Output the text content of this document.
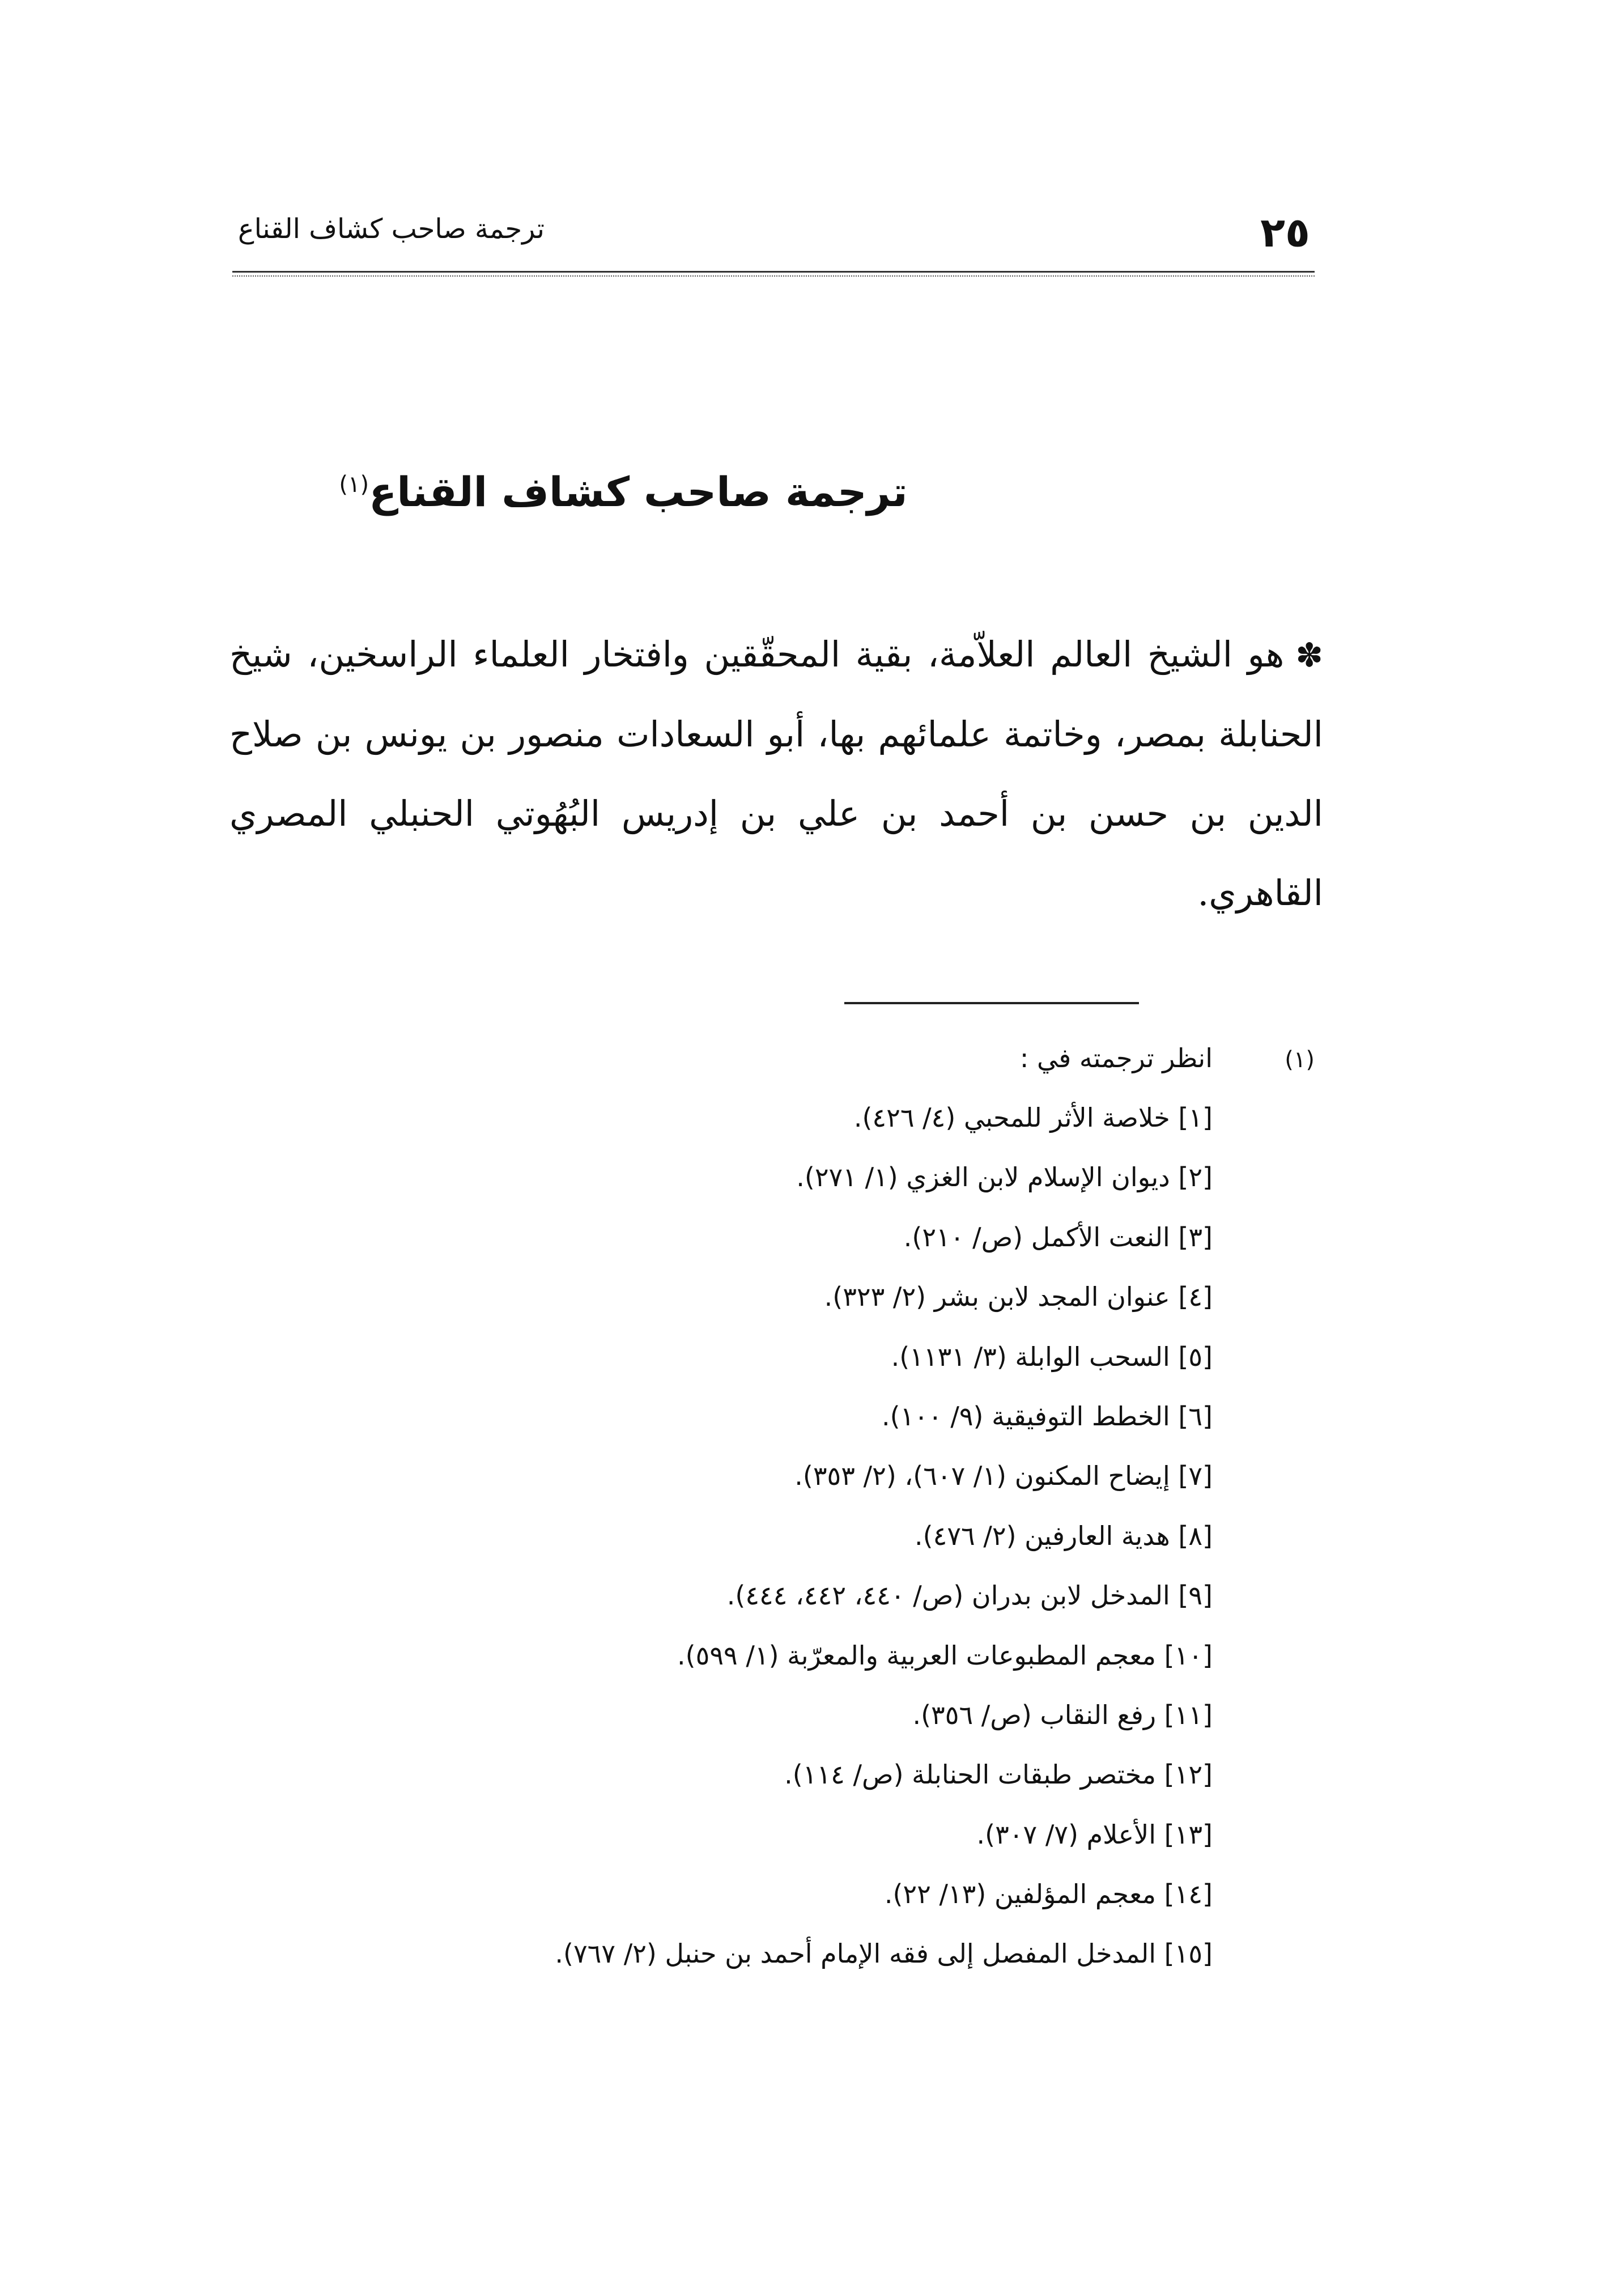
ترجمة صاحب كشاف القناع	٢٥
ترجمة صاحب كشاف القناع$^{(١)}$
✽هو الشيخ العالم العلاّمة، بقية المحقّقين وافتخار العلماء الراسخين، شيخ الحنابلة بمصر، وخاتمة علمائهم بها، أبو السعادات منصور بن يونس بن صلاح الدين بن حسن بن أحمد بن علي بن إدريس البُهُوتي الحنبلي المصري القاهري.
(١)انظر ترجمته في :
[١] خلاصة الأثر للمحبي (٤/ ٤٢٦).
[٢] ديوان الإسلام لابن الغزي (١/ ٢٧١).
[٣] النعت الأكمل (ص/ ٢١٠).
[٤] عنوان المجد لابن بشر (٢/ ٣٢٣).
[٥] السحب الوابلة (٣/ ١١٣١).
[٦] الخطط التوفيقية (٩/ ١٠٠).
[٧] إيضاح المكنون (١/ ٦٠٧)، (٢/ ٣٥٣).
[٨] هدية العارفين (٢/ ٤٧٦).
[٩] المدخل لابن بدران (ص/ ٤٤٠، ٤٤٢، ٤٤٤).
[١٠] معجم المطبوعات العربية والمعرّبة (١/ ٥٩٩).
[١١] رفع النقاب (ص/ ٣٥٦).
[١٢] مختصر طبقات الحنابلة (ص/ ١١٤).
[١٣] الأعلام (٧/ ٣٠٧).
[١٤] معجم المؤلفين (١٣/ ٢٢).
[١٥] المدخل المفصل إلى فقه الإمام أحمد بن حنبل (٢/ ٧٦٧).
